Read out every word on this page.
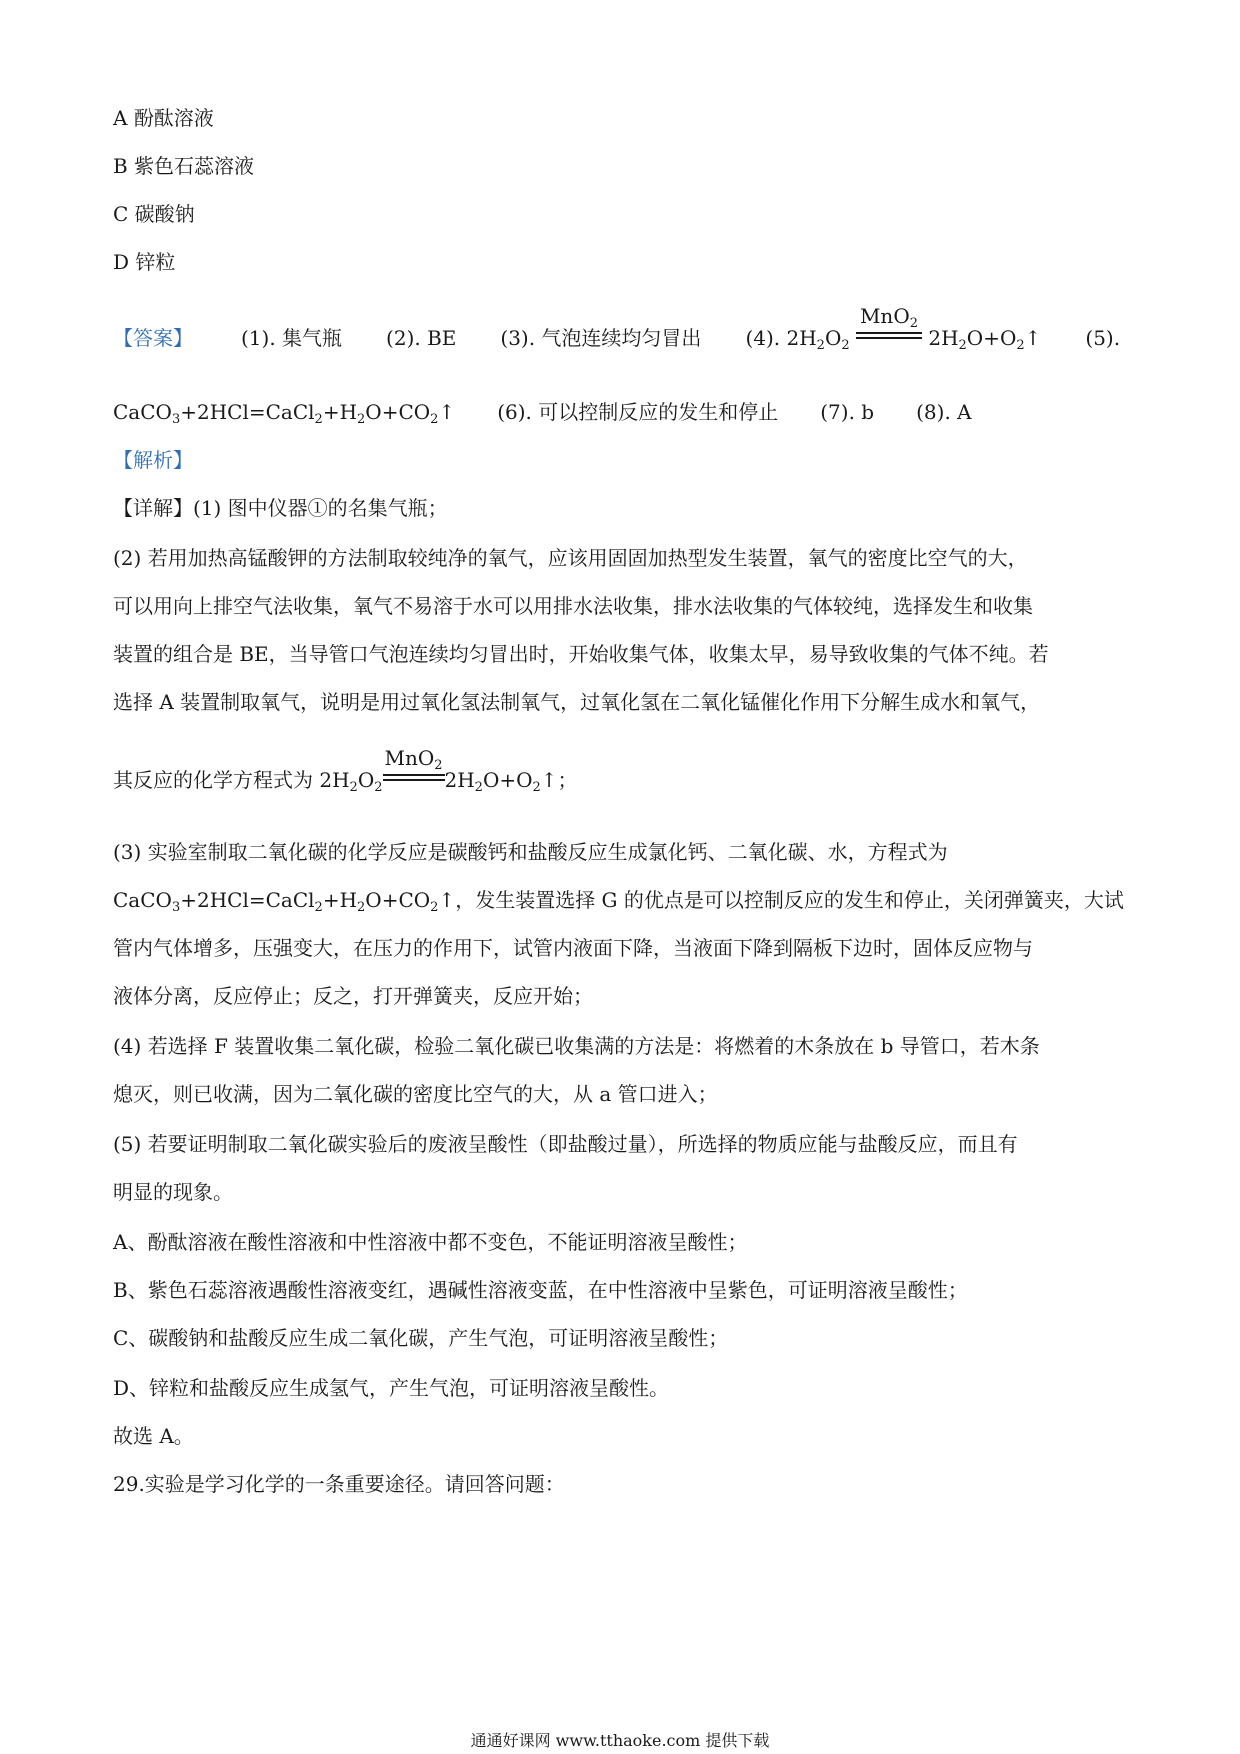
A 酚酞溶液
B 紫色石蕊溶液
C 碳酸钠
D 锌粒
【答案】 (1). 集气瓶 (2). BE (3). 气泡连续均匀冒出 (4). $2H_2O_2$
MnO$_2$
$2H_2O+O_2↑$ (5).
$CaCO_3+2HCl=CaCl_2+H_2O+CO_2↑$ (6). 可以控制反应的发生和停止 (7). b (8). A
【解析】
【详解】(1) 图中仪器①的名集气瓶；
(2) 若用加热高锰酸钾的方法制取较纯净的氧气，应该用固固加热型发生装置，氧气的密度比空气的大，
可以用向上排空气法收集，氧气不易溶于水可以用排水法收集，排水法收集的气体较纯，选择发生和收集
装置的组合是 BE，当导管口气泡连续均匀冒出时，开始收集气体，收集太早，易导致收集的气体不纯。若
选择 A 装置制取氧气，说明是用过氧化氢法制氧气，过氧化氢在二氧化锰催化作用下分解生成水和氧气，
其反应的化学方程式为 $2H_2O_2$
MnO$_2$
$2H_2O+O_2↑$；
(3) 实验室制取二氧化碳的化学反应是碳酸钙和盐酸反应生成氯化钙、二氧化碳、水，方程式为
$CaCO_3+2HCl=CaCl_2+H_2O+CO_2↑$，发生装置选择 G 的优点是可以控制反应的发生和停止，关闭弹簧夹，大试
管内气体增多，压强变大，在压力的作用下，试管内液面下降，当液面下降到隔板下边时，固体反应物与
液体分离，反应停止；反之，打开弹簧夹，反应开始；
(4) 若选择 F 装置收集二氧化碳，检验二氧化碳已收集满的方法是：将燃着的木条放在 b 导管口，若木条
熄灭，则已收满，因为二氧化碳的密度比空气的大，从 a 管口进入；
(5) 若要证明制取二氧化碳实验后的废液呈酸性（即盐酸过量），所选择的物质应能与盐酸反应，而且有
明显的现象。
A、酚酞溶液在酸性溶液和中性溶液中都不变色，不能证明溶液呈酸性；
B、紫色石蕊溶液遇酸性溶液变红，遇碱性溶液变蓝，在中性溶液中呈紫色，可证明溶液呈酸性；
C、碳酸钠和盐酸反应生成二氧化碳，产生气泡，可证明溶液呈酸性；
D、锌粒和盐酸反应生成氢气，产生气泡，可证明溶液呈酸性。
故选 A。
29.实验是学习化学的一条重要途径。请回答问题：
通通好课网 www.tthaoke.com 提供下载
